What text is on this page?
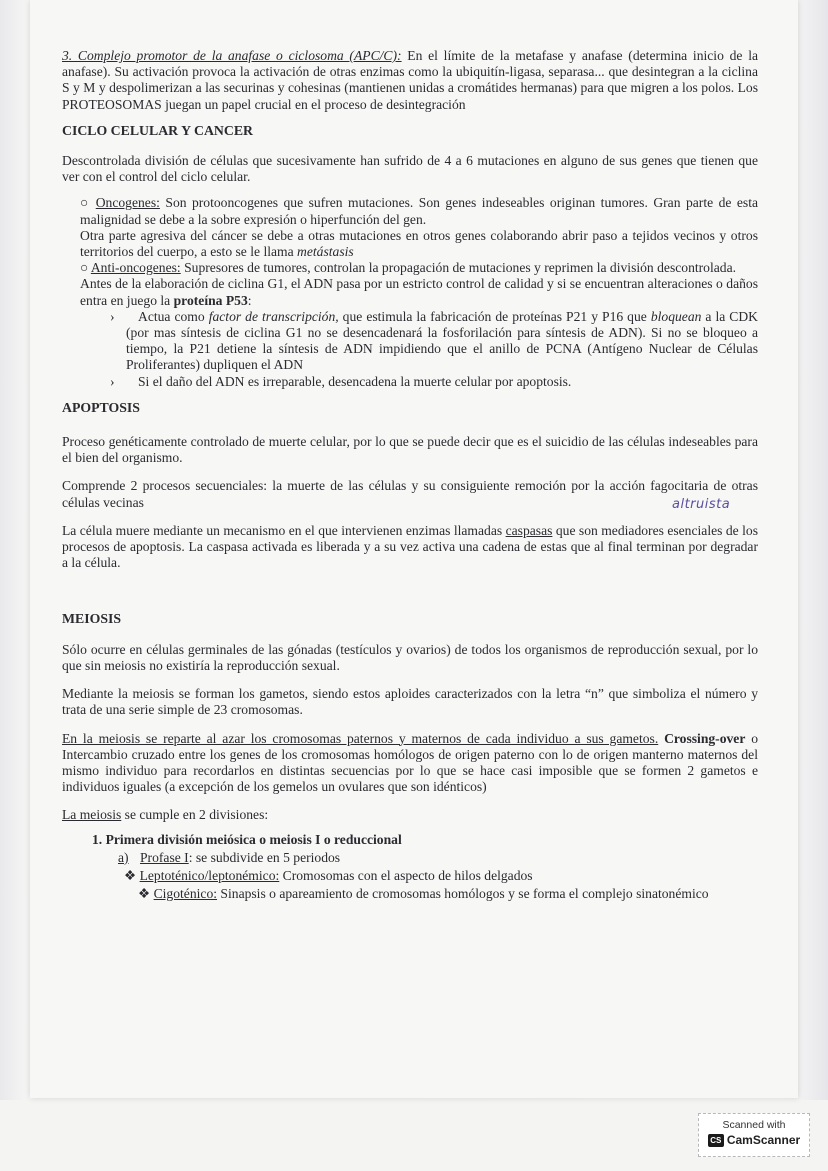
3. Complejo promotor de la anafase o ciclosoma (APC/C): En el límite de la metafase y anafase (determina inicio de la anafase). Su activación provoca la activación de otras enzimas como la ubiquitín-ligasa, separasa... que desintegran a la ciclina S y M y despolimerizan a las securinas y cohesinas (mantienen unidas a cromátides hermanas) para que migren a los polos. Los PROTEOSOMAS juegan un papel crucial en el proceso de desintegración

CICLO CELULAR Y CANCER

Descontrolada división de células que sucesivamente han sufrido de 4 a 6 mutaciones en alguno de sus genes que tienen que ver con el control del ciclo celular.

○ Oncogenes: Son protooncogenes que sufren mutaciones. Son genes indeseables originan tumores. Gran parte de esta malignidad se debe a la sobre expresión o hiperfunción del gen.

Otra parte agresiva del cáncer se debe a otras mutaciones en otros genes colaborando abrir paso a tejidos vecinos y otros territorios del cuerpo, a esto se le llama metástasis

○ Anti-oncogenes: Supresores de tumores, controlan la propagación de mutaciones y reprimen la división descontrolada.

Antes de la elaboración de ciclina G1, el ADN pasa por un estricto control de calidad y si se encuentran alteraciones o daños entra en juego la proteína P53:

› Actua como factor de transcripción, que estimula la fabricación de proteínas P21 y P16 que bloquean a la CDK (por mas síntesis de ciclina G1 no se desencadenará la fosforilación para síntesis de ADN). Si no se bloqueo a tiempo, la P21 detiene la síntesis de ADN impidiendo que el anillo de PCNA (Antígeno Nuclear de Células Proliferantes) dupliquen el ADN

› Si el daño del ADN es irreparable, desencadena la muerte celular por apoptosis.

APOPTOSIS

Proceso genéticamente controlado de muerte celular, por lo que se puede decir que es el suicidio de las células indeseables para el bien del organismo.

Comprende 2 procesos secuenciales: la muerte de las células y su consiguiente remoción por la acción fagocitaria de otras células vecinas

La célula muere mediante un mecanismo en el que intervienen enzimas llamadas caspasas que son mediadores esenciales de los procesos de apoptosis. La caspasa activada es liberada y a su vez activa una cadena de estas que al final terminan por degradar a la célula.

MEIOSIS

Sólo ocurre en células germinales de las gónadas (testículos y ovarios) de todos los organismos de reproducción sexual, por lo que sin meiosis no existiría la reproducción sexual.

Mediante la meiosis se forman los gametos, siendo estos aploides caracterizados con la letra “n” que simboliza el número y trata de una serie simple de 23 cromosomas.

En la meiosis se reparte al azar los cromosomas paternos y maternos de cada individuo a sus gametos. Crossing-over o Intercambio cruzado entre los genes de los cromosomas homólogos de origen paterno con lo de origen manterno maternos del mismo individuo para recordarlos en distintas secuencias por lo que se hace casi imposible que se formen 2 gametos e individuos iguales (a excepción de los gemelos un ovulares que son idénticos)

La meiosis se cumple en 2 divisiones:

1. Primera división meiósica o meiosis I o reduccional
a) Profase I: se subdivide en 5 periodos
❖ Leptoténico/leptonémico: Cromosomas con el aspecto de hilos delgados
❖ Cigoténico: Sinapsis o apareamiento de cromosomas homólogos y se forma el complejo sinatonémico
altruista
Scanned with
CS CamScanner
